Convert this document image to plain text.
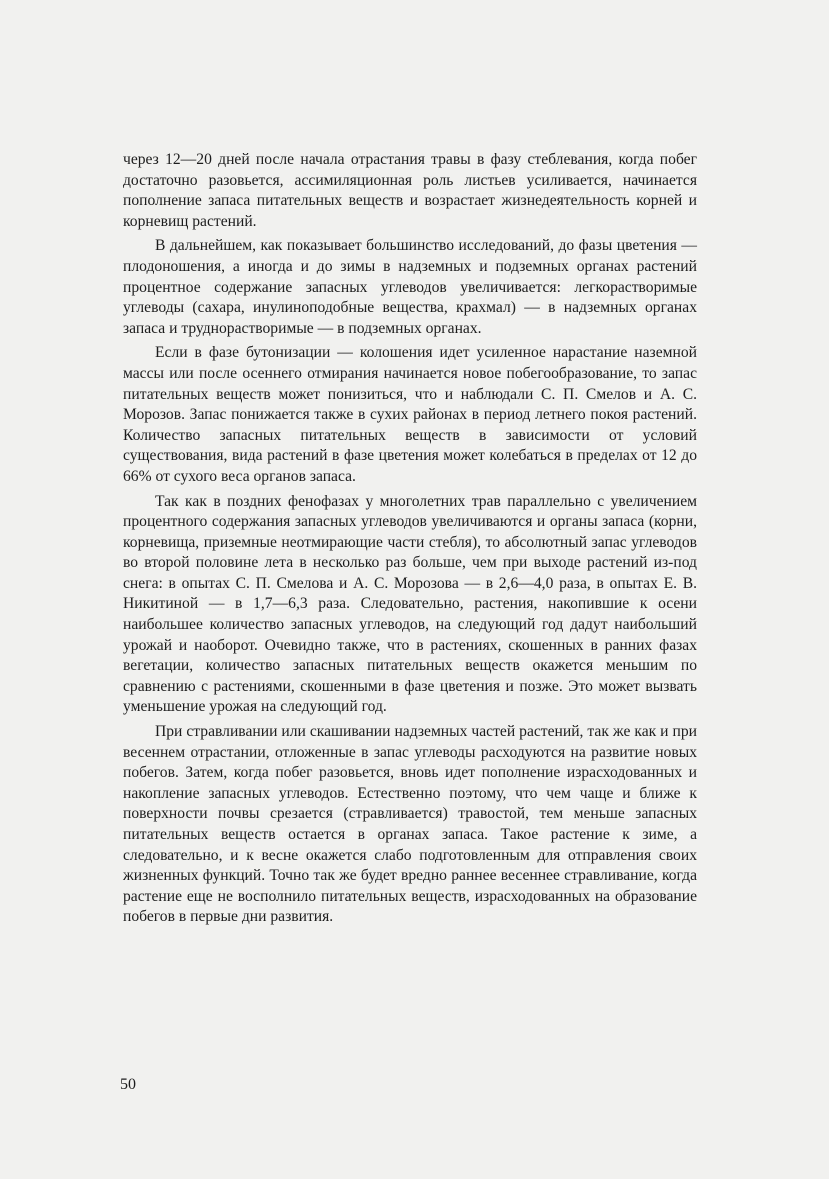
через 12—20 дней после начала отрастания травы в фазу стеблевания, когда побег достаточно разовьется, ассимиляционная роль листьев усиливается, начинается пополнение запаса питательных веществ и возрастает жизнедеятельность корней и корневищ растений.

В дальнейшем, как показывает большинство исследований, до фазы цветения — плодоношения, а иногда и до зимы в надземных и подземных органах растений процентное содержание запасных углеводов увеличивается: легкорастворимые углеводы (сахара, инулиноподобные вещества, крахмал) — в надземных органах запаса и труднорастворимые — в подземных органах.

Если в фазе бутонизации — колошения идет усиленное нарастание наземной массы или после осеннего отмирания начинается новое побегообразование, то запас питательных веществ может понизиться, что и наблюдали С. П. Смелов и А. С. Морозов. Запас понижается также в сухих районах в период летнего покоя растений. Количество запасных питательных веществ в зависимости от условий существования, вида растений в фазе цветения может колебаться в пределах от 12 до 66% от сухого веса органов запаса.

Так как в поздних фенофазах у многолетних трав параллельно с увеличением процентного содержания запасных углеводов увеличиваются и органы запаса (корни, корневища, приземные неотмирающие части стебля), то абсолютный запас углеводов во второй половине лета в несколько раз больше, чем при выходе растений из-под снега: в опытах С. П. Смелова и А. С. Морозова — в 2,6—4,0 раза, в опытах Е. В. Никитиной — в 1,7—6,3 раза. Следовательно, растения, накопившие к осени наибольшее количество запасных углеводов, на следующий год дадут наибольший урожай и наоборот. Очевидно также, что в растениях, скошенных в ранних фазах вегетации, количество запасных питательных веществ окажется меньшим по сравнению с растениями, скошенными в фазе цветения и позже. Это может вызвать уменьшение урожая на следующий год.

При стравливании или скашивании надземных частей растений, так же как и при весеннем отрастании, отложенные в запас углеводы расходуются на развитие новых побегов. Затем, когда побег разовьется, вновь идет пополнение израсходованных и накопление запасных углеводов. Естественно поэтому, что чем чаще и ближе к поверхности почвы срезается (стравливается) травостой, тем меньше запасных питательных веществ остается в органах запаса. Такое растение к зиме, а следовательно, и к весне окажется слабо подготовленным для отправления своих жизненных функций. Точно так же будет вредно раннее весеннее стравливание, когда растение еще не восполнило питательных веществ, израсходованных на образование побегов в первые дни развития.

50
